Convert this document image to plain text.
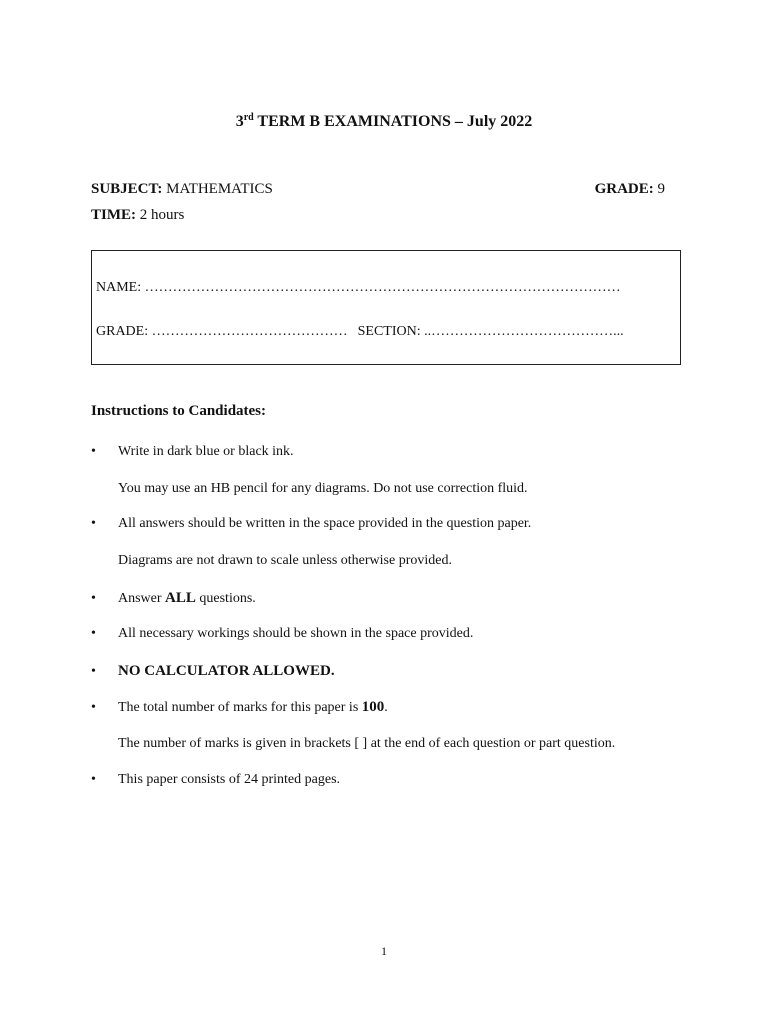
3rd TERM B EXAMINATIONS – July 2022
SUBJECT: MATHEMATICS	GRADE: 9
TIME: 2 hours
NAME: …………………………………………………………………………………………
GRADE: …………………………………… SECTION: ..…………………………………...
Instructions to Candidates:
• Write in dark blue or black ink.
You may use an HB pencil for any diagrams. Do not use correction fluid.
• All answers should be written in the space provided in the question paper.
Diagrams are not drawn to scale unless otherwise provided.
• Answer ALL questions.
• All necessary workings should be shown in the space provided.
• NO CALCULATOR ALLOWED.
• The total number of marks for this paper is 100.
The number of marks is given in brackets [ ] at the end of each question or part question.
• This paper consists of 24 printed pages.
1
